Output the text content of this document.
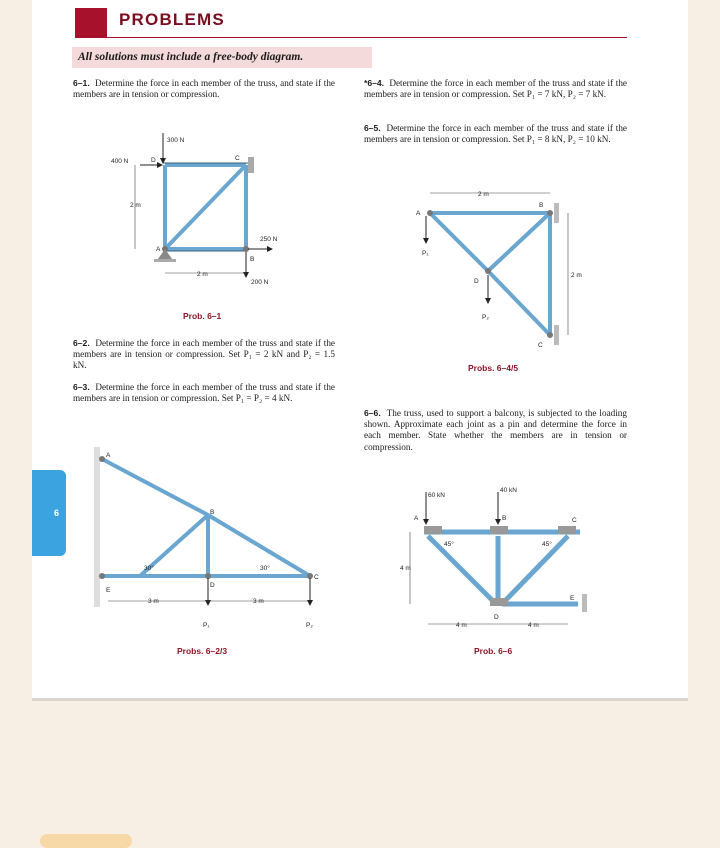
PROBLEMS
All solutions must include a free-body diagram.
6–1. Determine the force in each member of the truss, and state if the members are in tension or compression.
6–2. Determine the force in each member of the truss and state if the members are in tension or compression. Set P₁ = 2 kN and P₂ = 1.5 kN.
6–3. Determine the force in each member of the truss and state if the members are in tension or compression. Set P₁ = P₂ = 4 kN.
*6–4. Determine the force in each member of the truss and state if the members are in tension or compression. Set P₁ = 7 kN, P₂ = 7 kN.
6–5. Determine the force in each member of the truss and state if the members are in tension or compression. Set P₁ = 8 kN, P₂ = 10 kN.
6–6. The truss, used to support a balcony, is subjected to the loading shown. Approximate each joint as a pin and determine the force in each member. State whether the members are in tension or compression.
300 N
400 N
250 N
200 N
2 m
2 m
A
B
C
D
Prob. 6–1
A
B
C
D
E
30°	30°
3 m	3 m
P₁	P₂
Probs. 6–2/3
2 m
2 m
A
B
C
D
P₁
P₂
Probs. 6–4/5
60 kN
40 kN
A	B	C
D
E
45°	45°
4 m
4 m	4 m
Prob. 6–6
6
